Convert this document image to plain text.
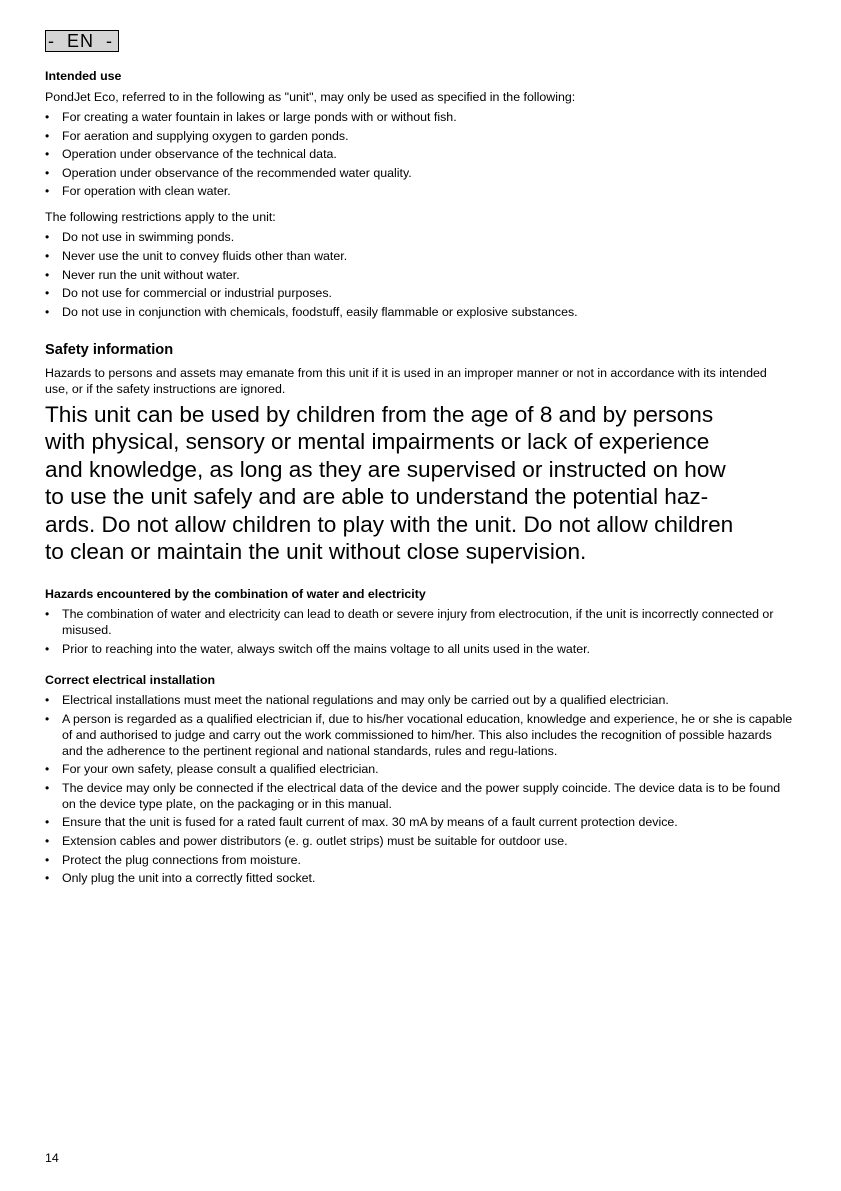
-  EN  -
Intended use

PondJet Eco, referred to in the following as "unit", may only be used as specified in the following:

• For creating a water fountain in lakes or large ponds with or without fish.
• For aeration and supplying oxygen to garden ponds.
• Operation under observance of the technical data.
• Operation under observance of the recommended water quality.
• For operation with clean water.

The following restrictions apply to the unit:

• Do not use in swimming ponds.
• Never use the unit to convey fluids other than water.
• Never run the unit without water.
• Do not use for commercial or industrial purposes.
• Do not use in conjunction with chemicals, foodstuff, easily flammable or explosive substances.
Safety information

Hazards to persons and assets may emanate from this unit if it is used in an improper manner or not in accordance with its intended use, or if the safety instructions are ignored.

This unit can be used by children from the age of 8 and by persons
with physical, sensory or mental impairments or lack of experience
and knowledge, as long as they are supervised or instructed on how
to use the unit safely and are able to understand the potential haz-
ards. Do not allow children to play with the unit. Do not allow children
to clean or maintain the unit without close supervision.
Hazards encountered by the combination of water and electricity
• The combination of water and electricity can lead to death or severe injury from electrocution, if the unit is incorrectly connected or misused.
• Prior to reaching into the water, always switch off the mains voltage to all units used in the water.
Correct electrical installation
• Electrical installations must meet the national regulations and may only be carried out by a qualified electrician.
• A person is regarded as a qualified electrician if, due to his/her vocational education, knowledge and experience, he or she is capable of and authorised to judge and carry out the work commissioned to him/her. This also includes the recognition of possible hazards and the adherence to the pertinent regional and national standards, rules and regu-lations.
• For your own safety, please consult a qualified electrician.
• The device may only be connected if the electrical data of the device and the power supply coincide. The device data is to be found on the device type plate, on the packaging or in this manual.
• Ensure that the unit is fused for a rated fault current of max. 30 mA by means of a fault current protection device.
• Extension cables and power distributors (e. g. outlet strips) must be suitable for outdoor use.
• Protect the plug connections from moisture.
• Only plug the unit into a correctly fitted socket.
14
